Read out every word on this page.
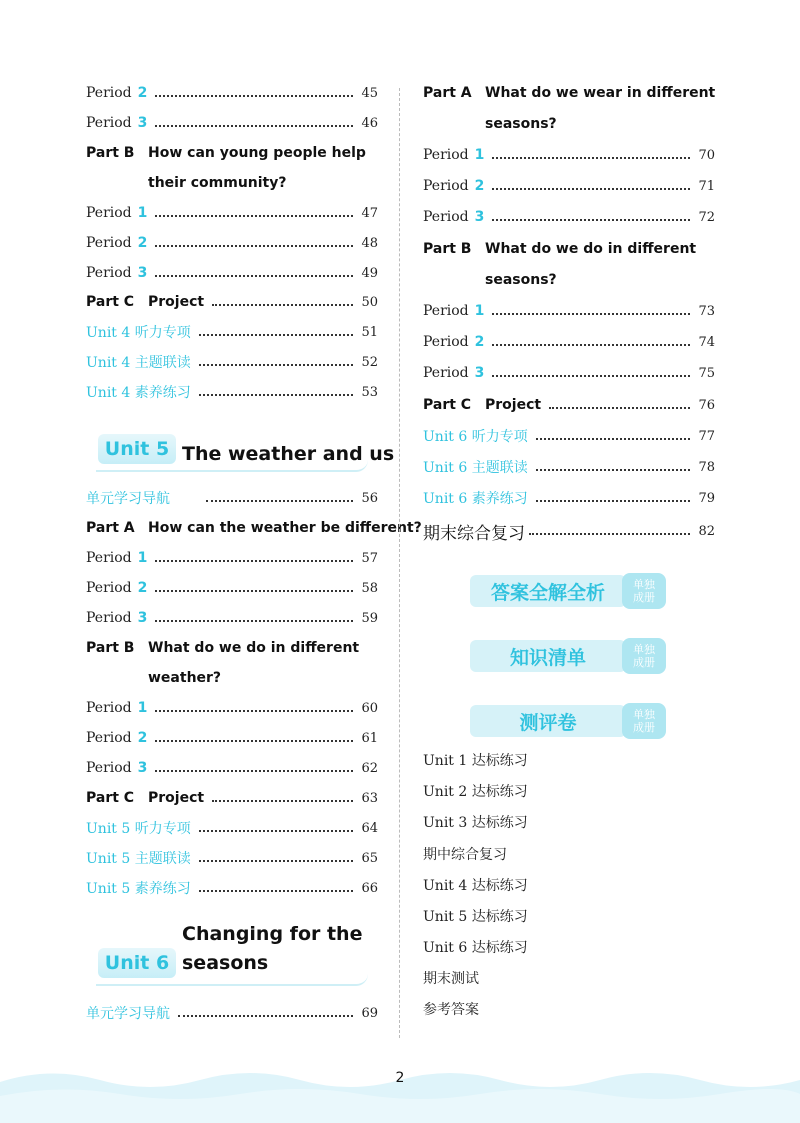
Period 2	45
Period 3	46
Part B How can young people help
their community?
Period 1	47
Period 2	48
Period 3	49
Part C Project	50
Unit 4 听力专项	51
Unit 4 主题联读	52
Unit 4 素养练习	53
单元学习导航	56
Part A How can the weather be different?
Period 1	57
Period 2	58
Period 3	59
Part B What do we do in different
weather?
Period 1	60
Period 2	61
Period 3	62
Part C Project	63
Unit 5 听力专项	64
Unit 5 主题联读	65
Unit 5 素养练习	66
单元学习导航	69
Unit 5 The weather and us
Changing for the
seasons
Unit 6
Part A What do we wear in different
seasons?
Period 1	70
Period 2	71
Period 3	72
Part B What do we do in different
seasons?
Period 1	73
Period 2	74
Period 3	75
Part C Project	76
Unit 6 听力专项	77
Unit 6 主题联读	78
Unit 6 素养练习	79
期末综合复习	82
Unit 1 达标练习
Unit 2 达标练习
Unit 3 达标练习
期中综合复习
Unit 4 达标练习
Unit 5 达标练习
Unit 6 达标练习
期末测试
参考答案
答案全解全析	单独
成册
知识清单	单独
成册
测评卷	单独
成册
2
